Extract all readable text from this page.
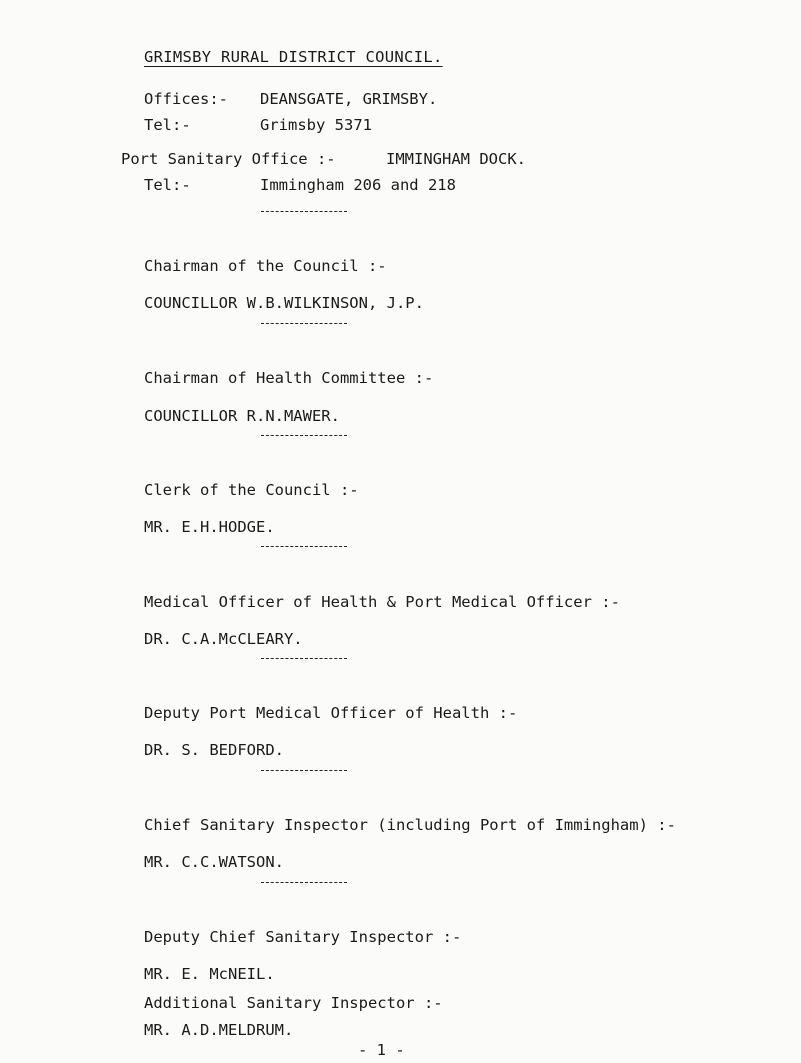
GRIMSBY RURAL DISTRICT COUNCIL.
Offices:- DEANSGATE, GRIMSBY.
Tel:-	Grimsby 5371
Port Sanitary Office :-	IMMINGHAM DOCK.
Tel:-	Immingham 206 and 218
Chairman of the Council :-
COUNCILLOR W.B.WILKINSON, J.P.
Chairman of Health Committee :-
COUNCILLOR R.N.MAWER.
Clerk of the Council :-
MR. E.H.HODGE.
Medical Officer of Health & Port Medical Officer :-
DR. C.A.McCLEARY.
Deputy Port Medical Officer of Health :-
DR. S. BEDFORD.
Chief Sanitary Inspector (including Port of Immingham) :-
MR. C.C.WATSON.
Deputy Chief Sanitary Inspector :-
MR. E. McNEIL.
Additional Sanitary Inspector :-
MR. A.D.MELDRUM.
- 1 -
